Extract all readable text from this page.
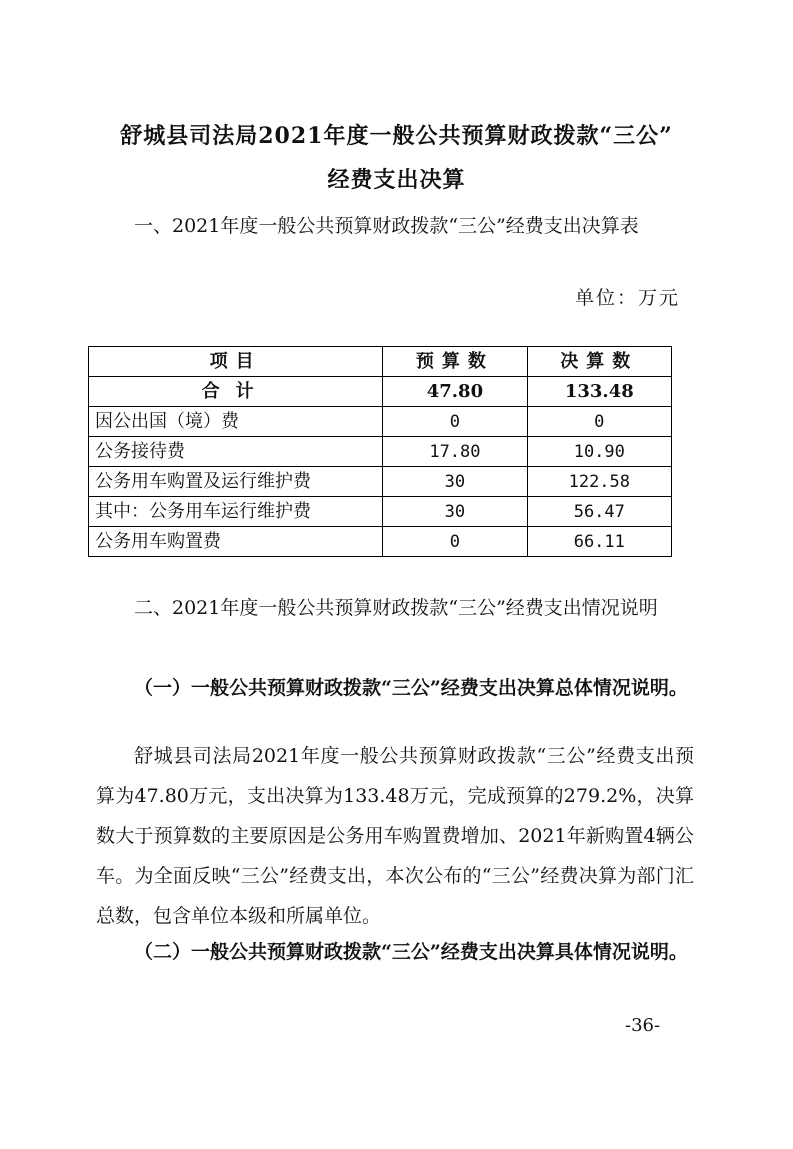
舒城县司法局2021年度一般公共预算财政拨款“三公”
经费支出决算
一、2021年度一般公共预算财政拨款“三公”经费支出决算表
单位：万元
项目	预算数	决算数
合计	47.80	133.48
因公出国（境）费	0	0
公务接待费	17.80	10.90
公务用车购置及运行维护费	30	122.58
其中：公务用车运行维护费	30	56.47
公务用车购置费	0	66.11
二、2021年度一般公共预算财政拨款“三公”经费支出情况说明
（一）一般公共预算财政拨款“三公”经费支出决算总体情况说明。
舒城县司法局2021年度一般公共预算财政拨款“三公”经费支出预算为47.80万元，支出决算为133.48万元，完成预算的279.2%，决算数大于预算数的主要原因是公务用车购置费增加、2021年新购置4辆公车。为全面反映“三公”经费支出，本次公布的“三公”经费决算为部门汇总数，包含单位本级和所属单位。
（二）一般公共预算财政拨款“三公”经费支出决算具体情况说明。
-36-
